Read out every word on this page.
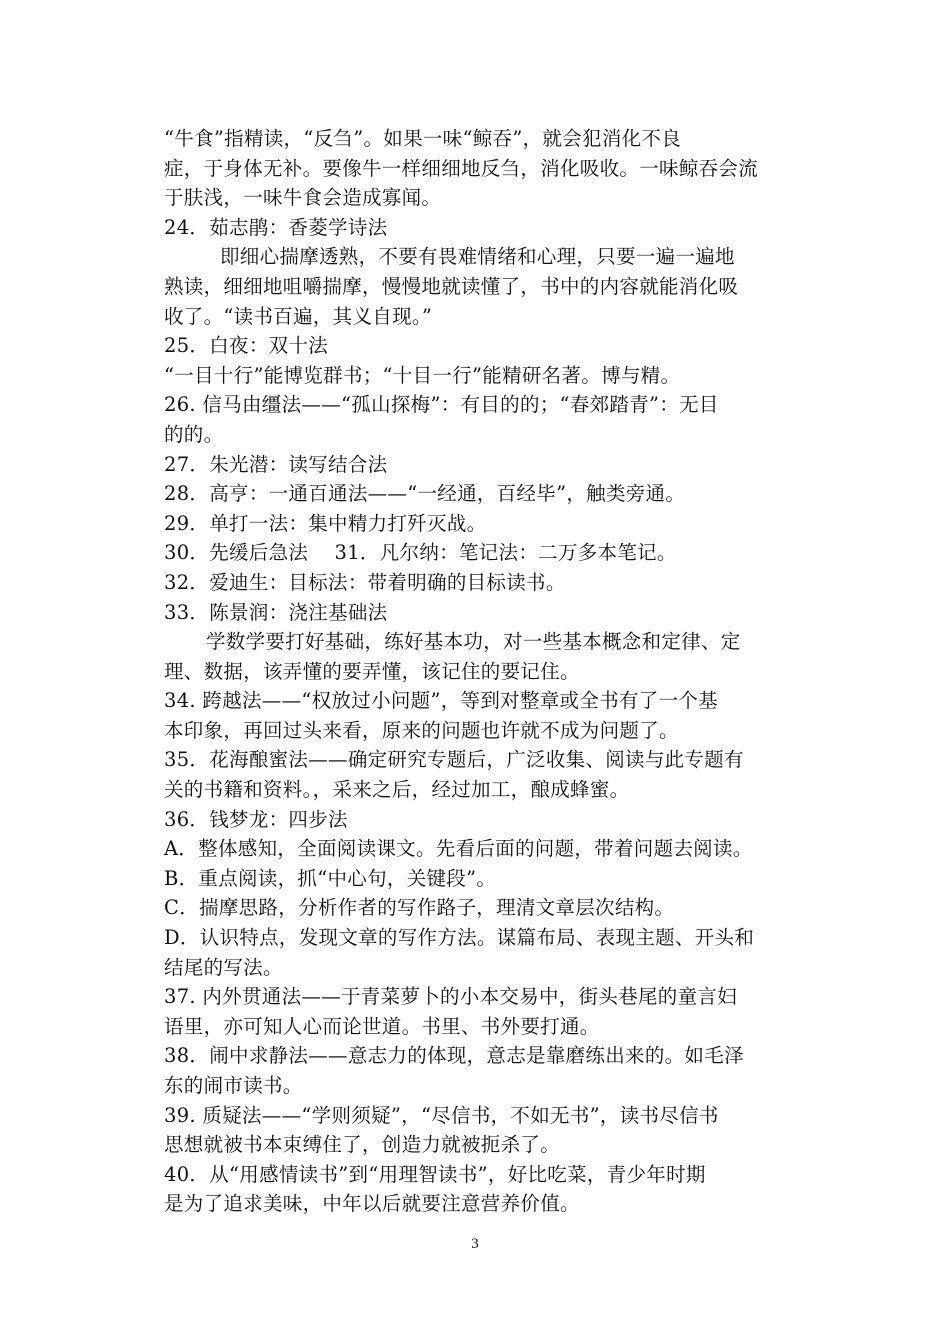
“牛食”指精读，“反刍”。如果一味“鲸吞”，就会犯消化不良
症，于身体无补。要像牛一样细细地反刍，消化吸收。一味鲸吞会流
于肤浅，一味牛食会造成寡闻。
24．茹志鹃：香菱学诗法
即细心揣摩透熟，不要有畏难情绪和心理，只要一遍一遍地
熟读，细细地咀嚼揣摩，慢慢地就读懂了，书中的内容就能消化吸
收了。“读书百遍，其义自现。”
25．白夜：双十法
“一目十行”能博览群书；“十目一行”能精研名著。博与精。
26. 信马由缰法——“孤山探梅”：有目的的；“春郊踏青”：无目
的的。
27．朱光潜：读写结合法
28．高亨：一通百通法——“一经通，百经毕”，触类旁通。
29．单打一法：集中精力打歼灭战。
30．先缓后急法　 31．凡尔纳：笔记法：二万多本笔记。
32．爱迪生：目标法：带着明确的目标读书。
33．陈景润：浇注基础法
学数学要打好基础，练好基本功，对一些基本概念和定律、定
理、数据，该弄懂的要弄懂，该记住的要记住。
34. 跨越法——“权放过小问题”，等到对整章或全书有了一个基
本印象，再回过头来看，原来的问题也许就不成为问题了。
35．花海酿蜜法——确定研究专题后，广泛收集、阅读与此专题有
关的书籍和资料。，采来之后，经过加工，酿成蜂蜜。
36．钱梦龙：四步法
A．整体感知，全面阅读课文。先看后面的问题，带着问题去阅读。
B．重点阅读，抓“中心句，关键段”。
C．揣摩思路，分析作者的写作路子，理清文章层次结构。
D．认识特点，发现文章的写作方法。谋篇布局、表现主题、开头和
结尾的写法。
37. 内外贯通法——于青菜萝卜的小本交易中，街头巷尾的童言妇
语里，亦可知人心而论世道。书里、书外要打通。
38．闹中求静法——意志力的体现，意志是靠磨练出来的。如毛泽
东的闹市读书。
39. 质疑法——“学则须疑”，“尽信书，不如无书”，读书尽信书
思想就被书本束缚住了，创造力就被扼杀了。
40．从“用感情读书”到“用理智读书”，好比吃菜，青少年时期
是为了追求美味，中年以后就要注意营养价值。
3
